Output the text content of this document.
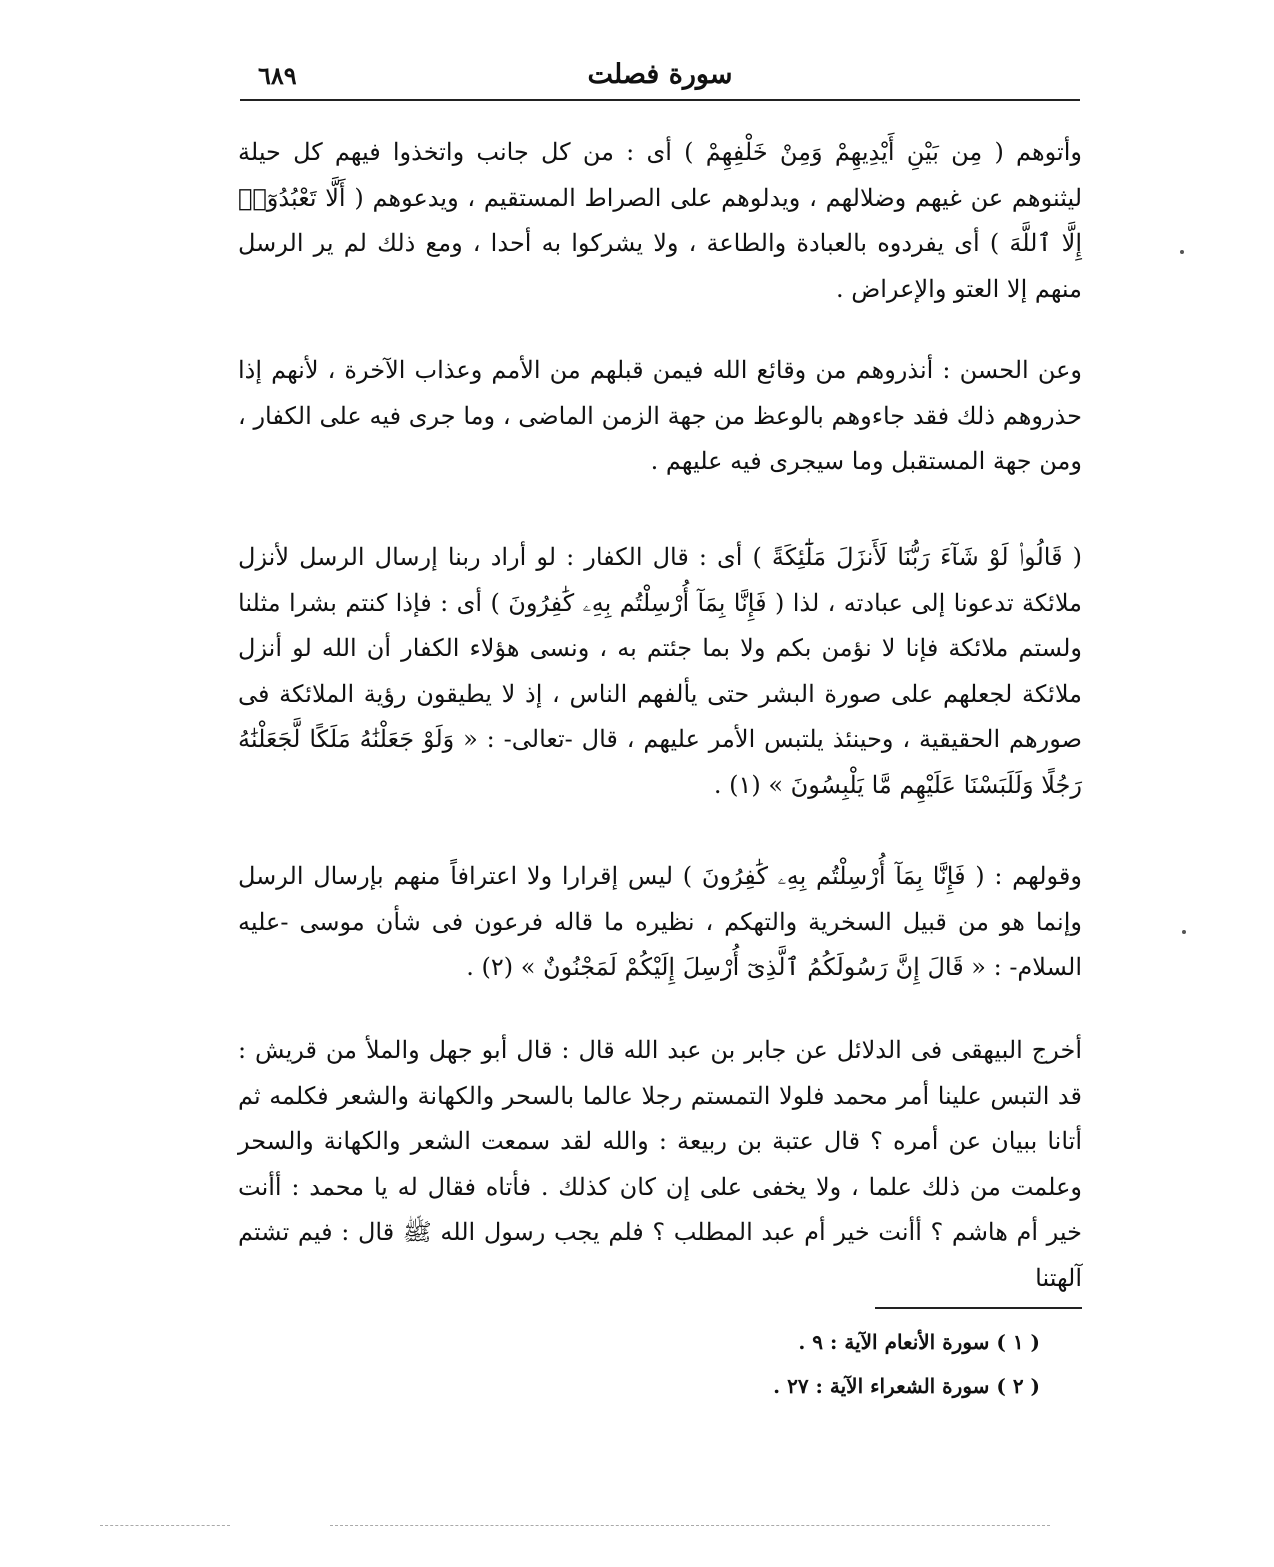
سورة فصلت
٦٨٩

وأتوهم ( مِن بَيْنِ أَيْدِيهِمْ وَمِنْ خَلْفِهِمْ ) أى : من كل جانب واتخذوا فيهم كل حيلة ليثنوهم عن غيهم وضلالهم ، ويدلوهم على الصراط المستقيم ، ويدعوهم ( أَلَّا تَعْبُدُوٓا۟ إِلَّا ٱللَّهَ ) أى يفردوه بالعبادة والطاعة ، ولا يشركوا به أحدا ، ومع ذلك لم ير الرسل منهم إلا العتو والإعراض .

وعن الحسن : أنذروهم من وقائع الله فيمن قبلهم من الأمم وعذاب الآخرة ، لأنهم إذا حذروهم ذلك فقد جاءوهم بالوعظ من جهة الزمن الماضى ، وما جرى فيه على الكفار ، ومن جهة المستقبل وما سيجرى فيه عليهم .

( قَالُوا۟ لَوْ شَآءَ رَبُّنَا لَأَنزَلَ مَلَٰٓئِكَةً ) أى : قال الكفار : لو أراد ربنا إرسال الرسل لأنزل ملائكة تدعونا إلى عبادته ، لذا ( فَإِنَّا بِمَآ أُرْسِلْتُم بِهِۦ كَٰفِرُونَ ) أى : فإذا كنتم بشرا مثلنا ولستم ملائكة فإنا لا نؤمن بكم ولا بما جئتم به ، ونسى هؤلاء الكفار أن الله لو أنزل ملائكة لجعلهم على صورة البشر حتى يألفهم الناس ، إذ لا يطيقون رؤية الملائكة فى صورهم الحقيقية ، وحينئذ يلتبس الأمر عليهم ، قال -تعالى- : « وَلَوْ جَعَلْنَٰهُ مَلَكًا لَّجَعَلْنَٰهُ رَجُلًا وَلَلَبَسْنَا عَلَيْهِم مَّا يَلْبِسُونَ » (١) .

وقولهم : ( فَإِنَّا بِمَآ أُرْسِلْتُم بِهِۦ كَٰفِرُونَ ) ليس إقرارا ولا اعترافاً منهم بإرسال الرسل وإنما هو من قبيل السخرية والتهكم ، نظيره ما قاله فرعون فى شأن موسى -عليه السلام- : « قَالَ إِنَّ رَسُولَكُمُ ٱلَّذِىٓ أُرْسِلَ إِلَيْكُمْ لَمَجْنُونٌ » (٢) .

أخرج البيهقى فى الدلائل عن جابر بن عبد الله قال : قال أبو جهل والملأ من قريش : قد التبس علينا أمر محمد فلولا التمستم رجلا عالما بالسحر والكهانة والشعر فكلمه ثم أتانا ببيان عن أمره ؟ قال عتبة بن ربيعة : والله لقد سمعت الشعر والكهانة والسحر وعلمت من ذلك علما ، ولا يخفى على إن كان كذلك . فأتاه فقال له يا محمد : أأنت خير أم هاشم ؟ أأنت خير أم عبد المطلب ؟ فلم يجب رسول الله ﷺ قال : فيم تشتم آلهتنا

( ١ ) سورة الأنعام الآية : ٩ .
( ٢ ) سورة الشعراء الآية : ٢٧ .
